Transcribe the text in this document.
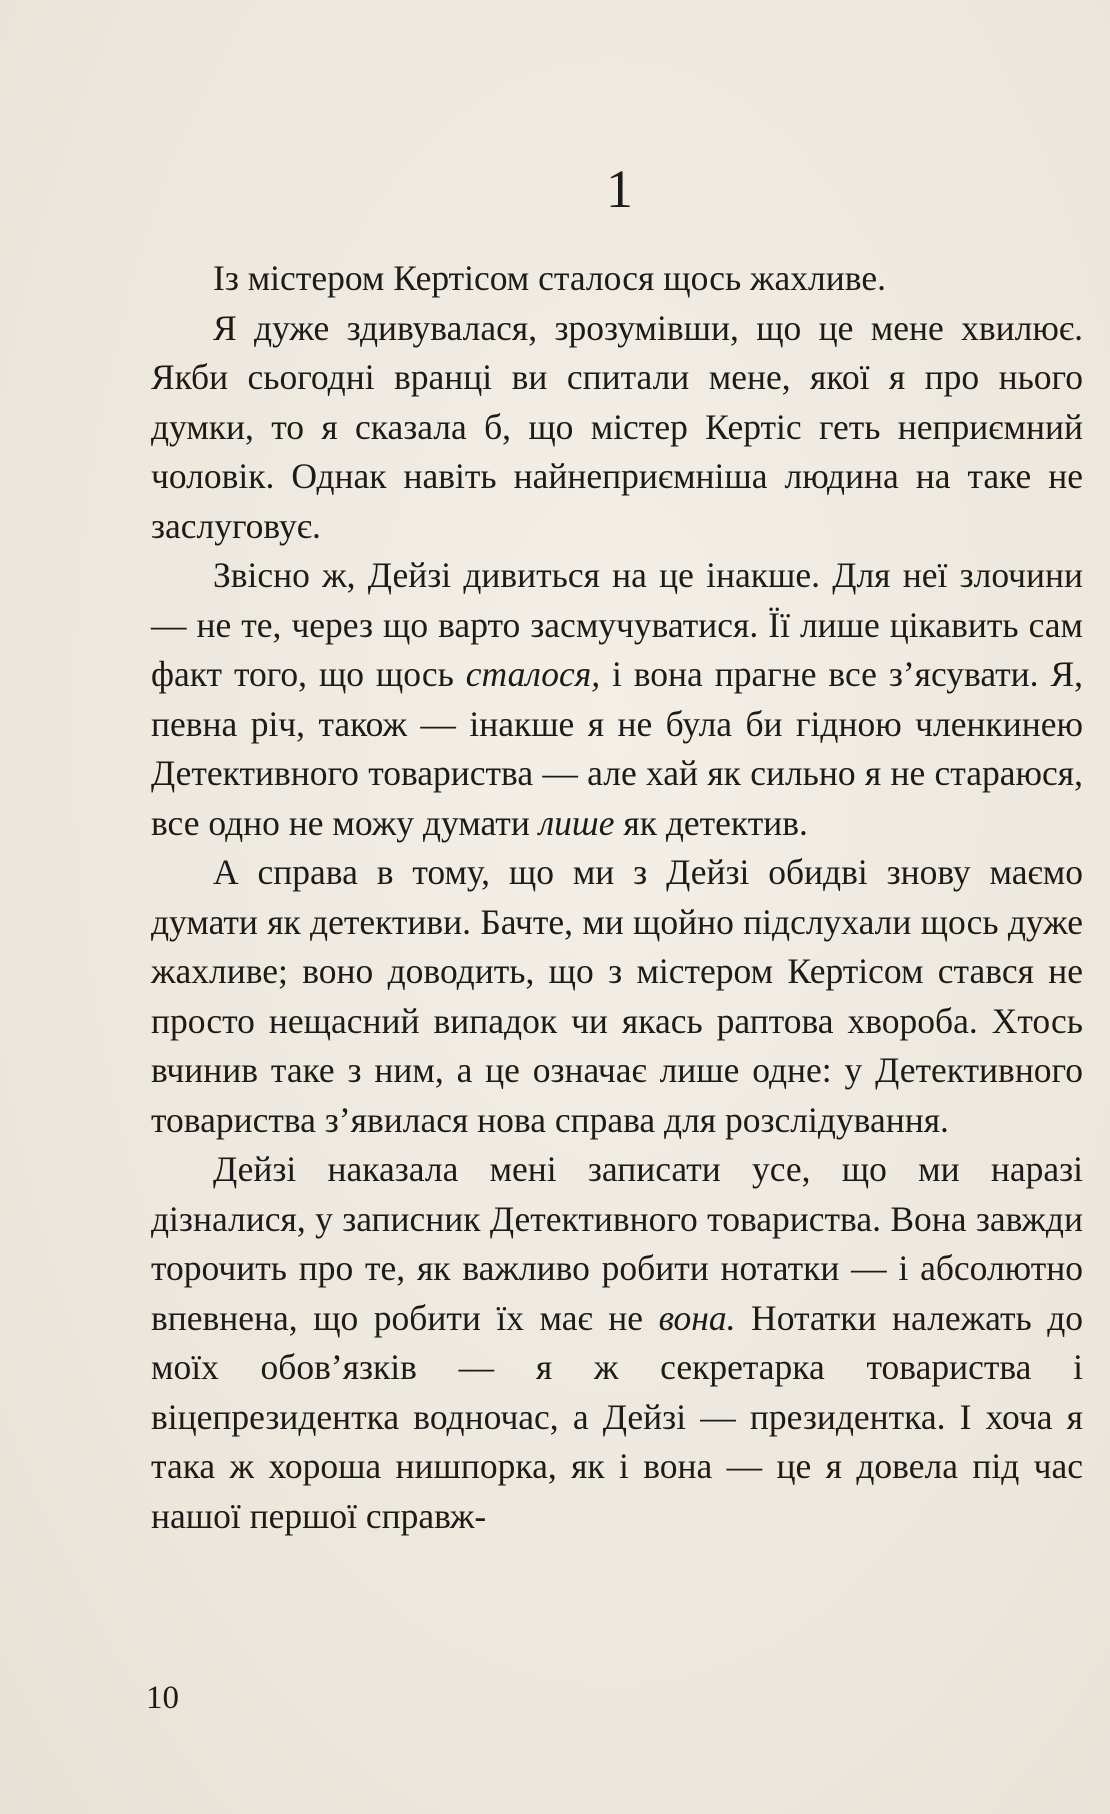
1

Із містером Кертісом сталося щось жахливе.

Я дуже здивувалася, зрозумівши, що це мене хвилює. Якби сьогодні вранці ви спитали мене, якої я про нього думки, то я сказала б, що містер Кертіс геть неприємний чоловік. Однак навіть найнеприємніша людина на таке не заслуговує.

Звісно ж, Дейзі дивиться на це інакше. Для неї злочини — не те, через що варто засмучуватися. Її лише цікавить сам факт того, що щось сталося, і вона прагне все з’ясувати. Я, певна річ, також — інакше я не була би гідною членкинею Детективного товариства — але хай як сильно я не стараюся, все одно не можу думати лише як детектив.

А справа в тому, що ми з Дейзі обидві знову маємо думати як детективи. Бачте, ми щойно підслухали щось дуже жахливе; воно доводить, що з містером Кертісом стався не просто нещасний випадок чи якась раптова хвороба. Хтось вчинив таке з ним, а це означає лише одне: у Детективного товариства з’явилася нова справа для розслідування.

Дейзі наказала мені записати усе, що ми наразі дізналися, у записник Детективного товариства. Вона завжди торочить про те, як важливо робити нотатки — і абсолютно впевнена, що робити їх має не вона. Нотатки належать до моїх обов’язків — я ж секретарка товариства і віцепрезидентка водночас, а Дейзі — президентка. І хоча я така ж хороша нишпорка, як і вона — це я довела під час нашої першої справж-

10
